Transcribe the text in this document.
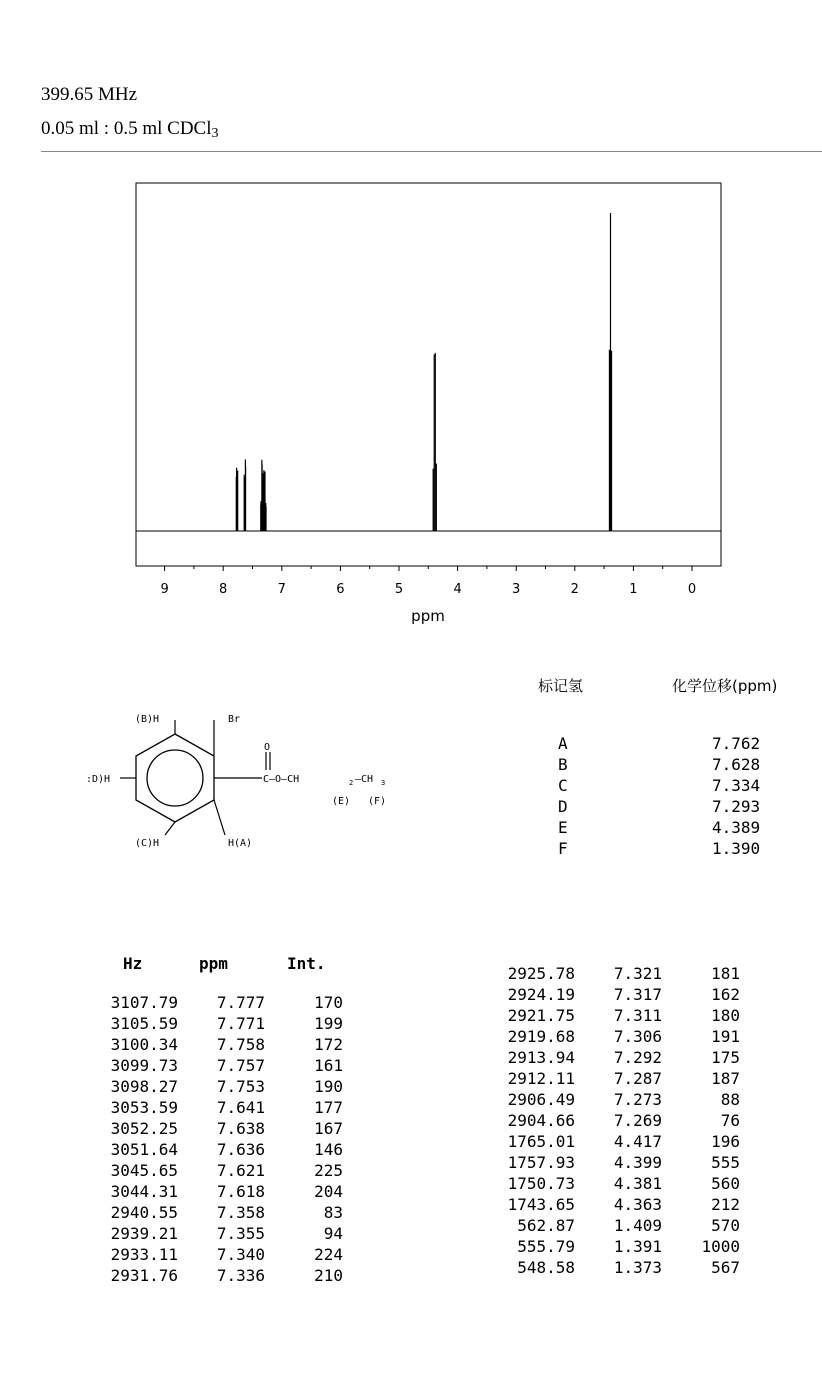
399.65 MHz
0.05 ml : 0.5 ml CDCl$_3$
9	8	7	6	5	4	3	2	1	0
ppm
标记氢	化学位移(ppm)
A	7.762
B	7.628
C	7.334
D	7.293
E	4.389
F	1.390
(B)H	Br
O
:D)H	C—O—CH	2 —CH 3
(E) (F)
(C)H	H(A)
Hz	ppm	Int.
3107.79 7.777	170
3105.59 7.771	199
3100.34 7.758	172
3099.73 7.757	161
3098.27 7.753	190
3053.59 7.641	177
3052.25 7.638	167
3051.64 7.636	146
3045.65 7.621	225
3044.31 7.618	204
2940.55 7.358	83
2939.21 7.355	94
2933.11 7.340	224
2931.76 7.336	210
2925.78 7.321	181
2924.19 7.317	162
2921.75 7.311	180
2919.68 7.306	191
2913.94 7.292	175
2912.11 7.287	187
2906.49 7.273	88
2904.66 7.269	76
1765.01 4.417	196
1757.93 4.399	555
1750.73 4.381	560
1743.65 4.363	212
562.87 1.409	570
555.79 1.391 1000
548.58 1.373	567
